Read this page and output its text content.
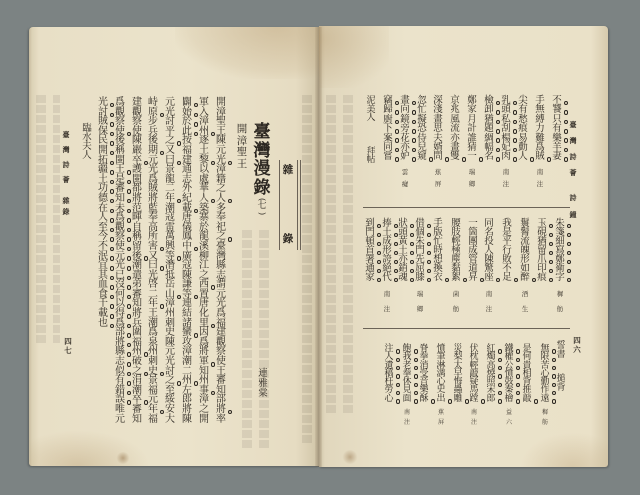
雜
錄
臺
灣
漫
錄
(
七
)
連
雅
棠
開
漳
聖
王
開
漳
聖
王
陳
元
光
漳
籍
之
人
多
奉
祀
之
臺
灣
縣
志
謂
元
光
爲
福
建
觀
察
使
王
審
知
部
將
率
軍
入
漳
州
逐
土
黎
以
處
華
人
築
寨
於
龍
溪
柳
江
之
西
置
唐
化
里
因
爲
將
軍
知
州
事
漳
之
開
闢
始
於
此
按
福
建
通
志
外
紀
載
唐
儀
鳳
中
廣
寇
陳
謙
等
連
結
諸
蠻
攻
漳
潮
二
州
左
郎
將
陳
元
光
討
平
之
又
曰
景
龍
二
年
潮
寇
雷
萬
興
等
潛
抵
岳
山
漳
州
刺
史
陳
元
光
討
之
至
綏
安
大
峙
原
步
兵
後
期
元
光
爲
賊
將
藍
奉
高
所
害
又
曰
光
啓
二
年
王
潮
爲
泉
州
刺
史
景
福
元
年
福
建
觀
察
使
陳
巖
卒
護
閩
都
將
范
暉
自
稱
留
後
潮
遣
弟
審
知
將
兵
圍
福
州
破
之
涓
潮
卒
審
知
爲
觀
察
使
後
稱
閩
王
是
審
知
未
爲
觀
察
使
元
光
已
沒
何
以
得
爲
部
將
縣
志
似
有
錯
誤
唯
元
光
討
賊
保
民
開
拓
疆
土
功
德
在
人
至
今
不
泯
宜
其
血
食
千
載
也
臨
水
夫
人
臺
灣
詩
薈
雜
錄
四
七
臺
灣
詩
薈
詩
鐘
四
六
不
饕
只
有
樂
羊
妻
手
無
縛
力
難
爲
賊
尖
有
愁
痕
易
動
人
乳
頭
私
刮
楊
妃
肉
檢
卸
猶
題
綢
幅
名
鄭
家
月
計
誰
猜
一
京
兆
風
流
亦
畫
雙
深
淺
畫
思
夫
婿
問
忽
忙
擬
恐
侍
兒
窺
畫
向
鏡
旁
花
亦
妒
竊
歸
廚
下
案
同
嘗
南
注
南
注
瑞
卿
蕉
屏
雲
癡
泥
美
人
拜
帖
朱
箋
細
寫
鄭
衛
字
玉
硯
猶
留
爪
印
痕
鬟
鬌
流
魄
形
如
醉
我
是
平
行
敗
不
足
同
名
投
人
陳
驚
座
一
箇
團
成
管
道
昇
腰
肢
輕
極
塵
黏
絮
手
版
忙
時
想
換
衣
借
個
朱
門
先
屈
膝
狀
頭
黃
土
亦
銷
魂
捧
土
成
形
誇
絕
代
到
門
頓
首
署
通
家
穉
舫
酒
生
南
注
菌
舫
瑞
卿
南
注
誓
書
搥
背
無
限
苦
心
勤
作
遠
是
何
貴
相
背
推
敲
鐵
權
公
憤
鼓
秦
檜
紅
燭
高
燒
照
宋
郎
伏
枕
輕
敲
疑
馬
蹚
災
梨
太
早
悔
蟲
雕
憤
筆
淋
漓
心
史
出
脊
拳
消
受
音
樂
酥
飽
我
老
拳
休
見
面
注
人
遺
稿
枉
勞
心
穉
舫
益
六
南
注
蕉
屏
南
注
